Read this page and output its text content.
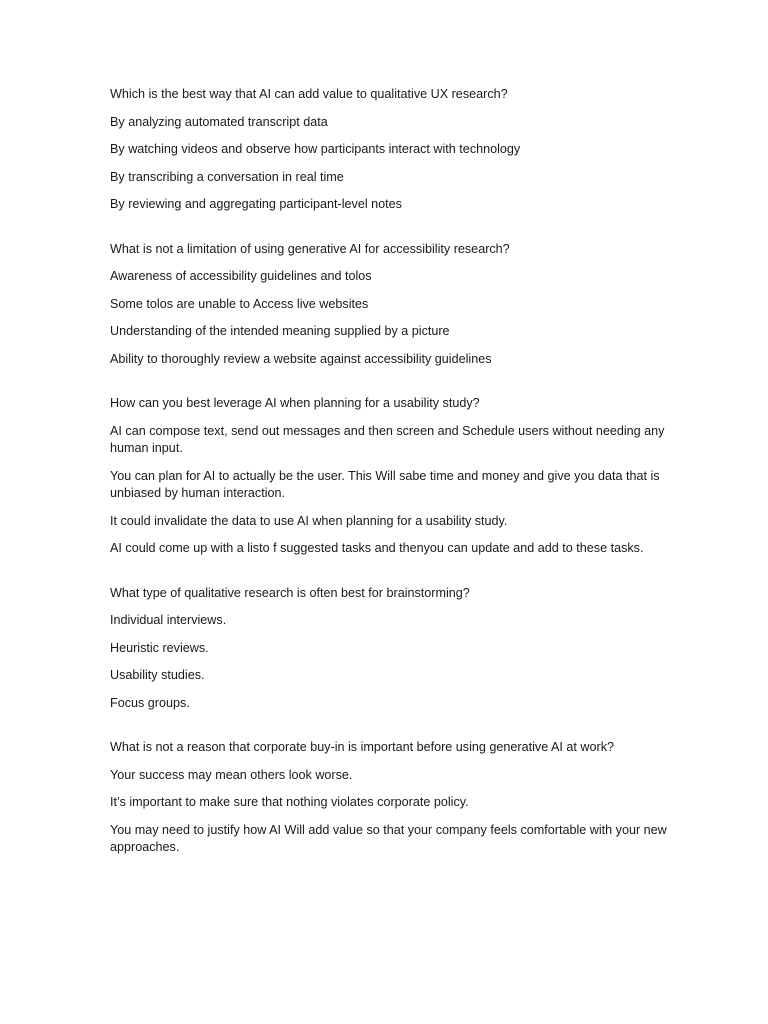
Which is the best way that AI can add value to qualitative UX research?

By analyzing automated transcript data

By watching videos and observe how participants interact with technology

By transcribing a conversation in real time

By reviewing and aggregating participant-level notes

What is not a limitation of using generative AI for accessibility research?

Awareness of accessibility guidelines and tolos

Some tolos are unable to Access live websites

Understanding of the intended meaning supplied by a picture

Ability to thoroughly review a website against accessibility guidelines

How can you best leverage AI when planning for a usability study?

AI can compose text, send out messages and then screen and Schedule users without needing any human input.

You can plan for AI to actually be the user. This Will sabe time and money and give you data that is unbiased by human interaction.

It could invalidate the data to use AI when planning for a usability study.

AI could come up with a listo f suggested tasks and thenyou can update and add to these tasks.

What type of qualitative research is often best for brainstorming?

Individual interviews.

Heuristic reviews.

Usability studies.

Focus groups.

What is not a reason that corporate buy-in is important before using generative AI at work?

Your success may mean others look worse.

It’s important to make sure that nothing violates corporate policy.

You may need to justify how AI Will add value so that your company feels comfortable with your new approaches.
